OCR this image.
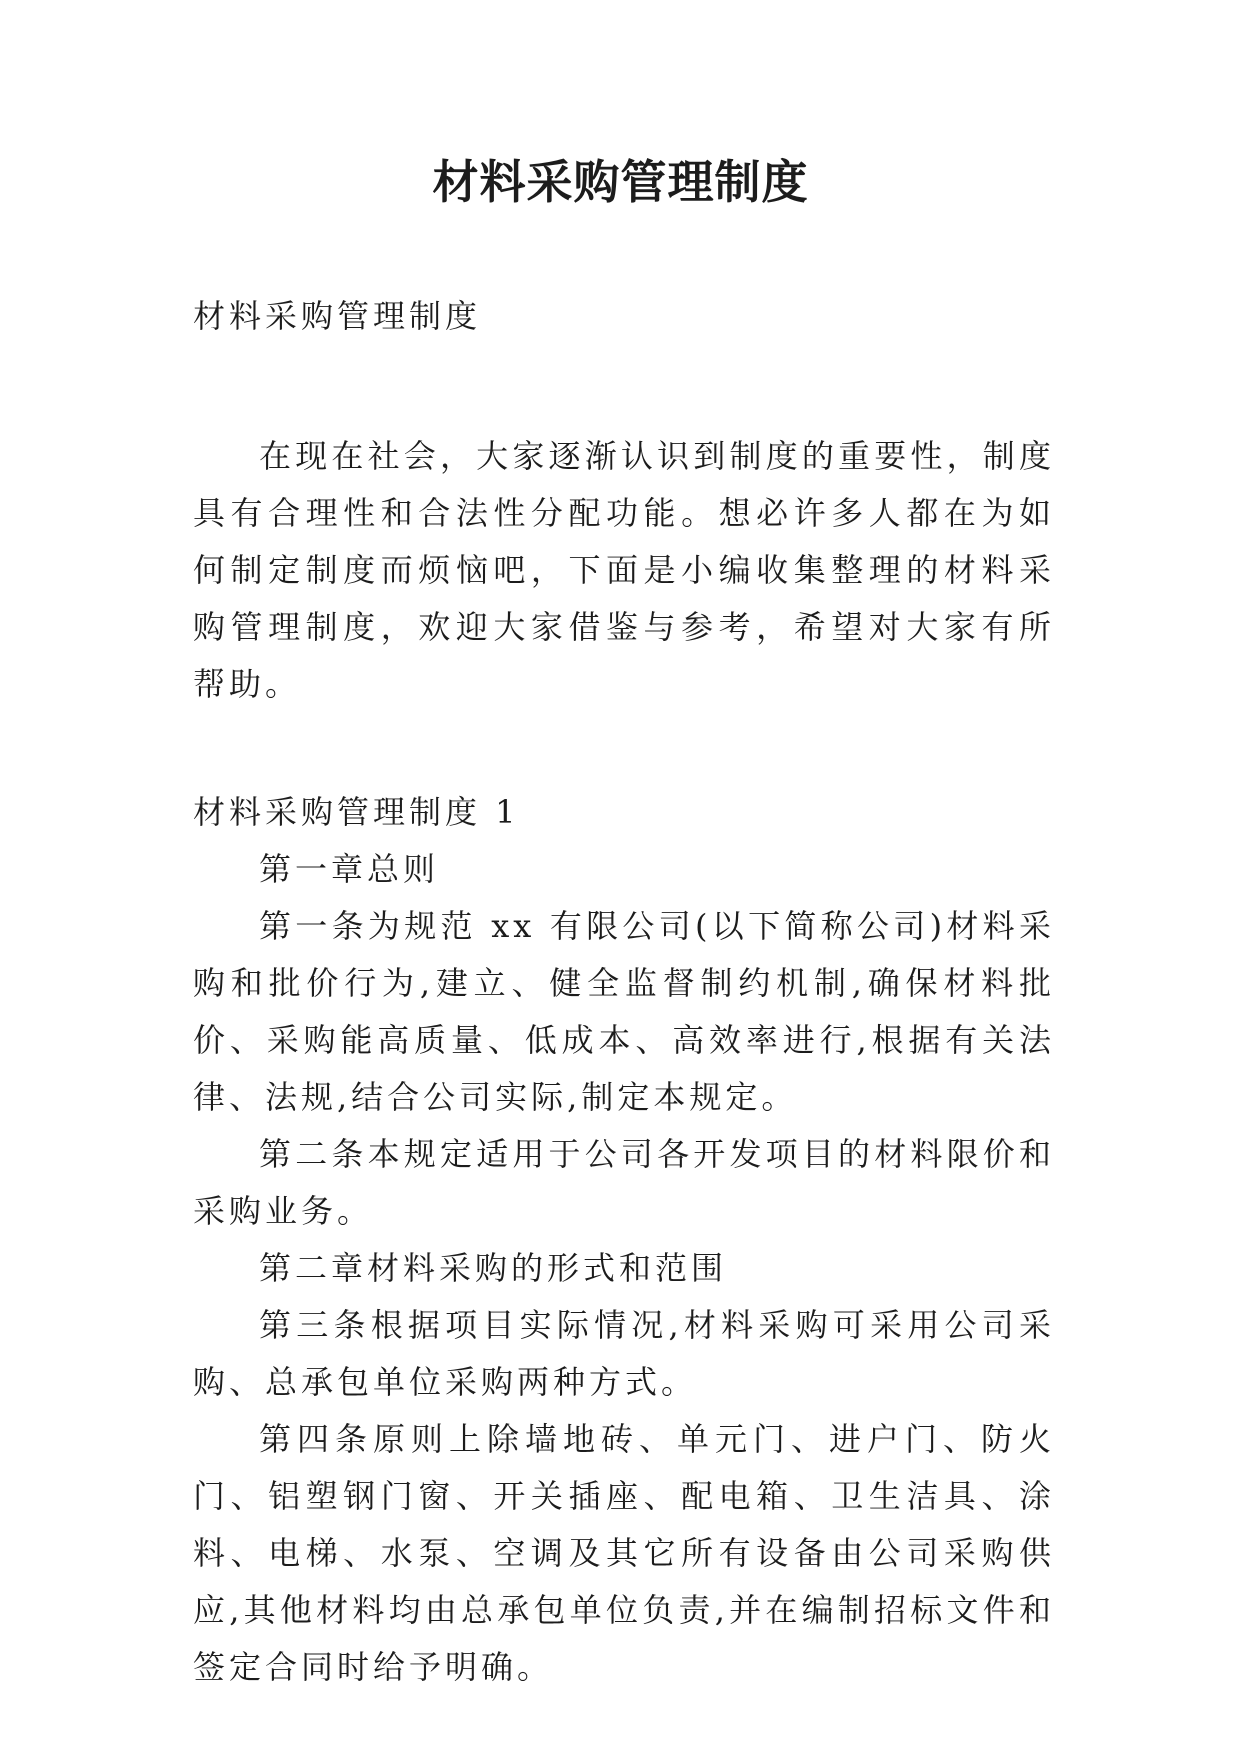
材料采购管理制度

材料采购管理制度

在现在社会，大家逐渐认识到制度的重要性，制度具有合理性和合法性分配功能。想必许多人都在为如何制定制度而烦恼吧，下面是小编收集整理的材料采购管理制度，欢迎大家借鉴与参考，希望对大家有所帮助。

材料采购管理制度 1

第一章总则

第一条为规范 xx 有限公司(以下简称公司)材料采购和批价行为,建立、健全监督制约机制,确保材料批价、采购能高质量、低成本、高效率进行,根据有关法律、法规,结合公司实际,制定本规定。

第二条本规定适用于公司各开发项目的材料限价和采购业务。

第二章材料采购的形式和范围

第三条根据项目实际情况,材料采购可采用公司采购、总承包单位采购两种方式。

第四条原则上除墙地砖、单元门、进户门、防火门、铝塑钢门窗、开关插座、配电箱、卫生洁具、涂料、电梯、水泵、空调及其它所有设备由公司采购供应,其他材料均由总承包单位负责,并在编制招标文件和签定合同时给予明确。
